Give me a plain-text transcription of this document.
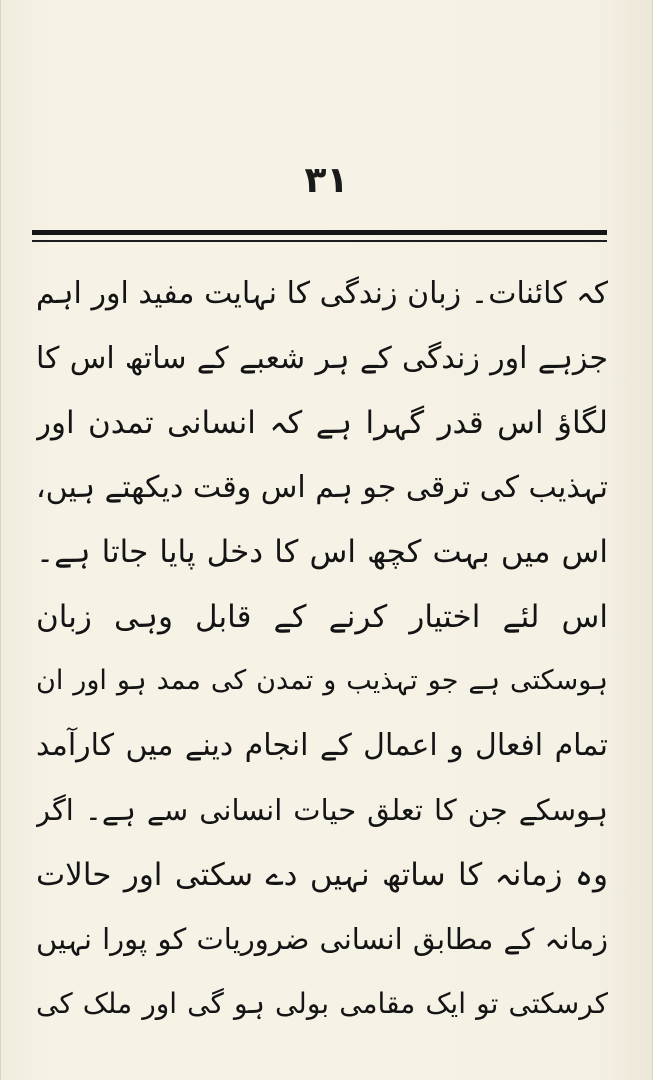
۳۱
کہ کائنات۔ زبان زندگی کا نہایت مفید اور اہم
جزہے اور زندگی کے ہر شعبے کے ساتھ اس کا
لگاؤ اس قدر گہرا ہے کہ انسانی تمدن اور
تہذیب کی ترقی جو ہم اس وقت دیکھتے ہیں،
اس میں بہت کچھ اس کا دخل پایا جاتا ہے۔
اس لئے اختیار کرنے کے قابل وہی زبان
ہوسکتی ہے جو تہذیب و تمدن کی ممد ہو اور ان
تمام افعال و اعمال کے انجام دینے میں کارآمد
ہوسکے جن کا تعلق حیات انسانی سے ہے۔ اگر
وہ زمانہ کا ساتھ نہیں دے سکتی اور حالات
زمانہ کے مطابق انسانی ضروریات کو پورا نہیں
کرسکتی تو ایک مقامی بولی ہو گی اور ملک کی
